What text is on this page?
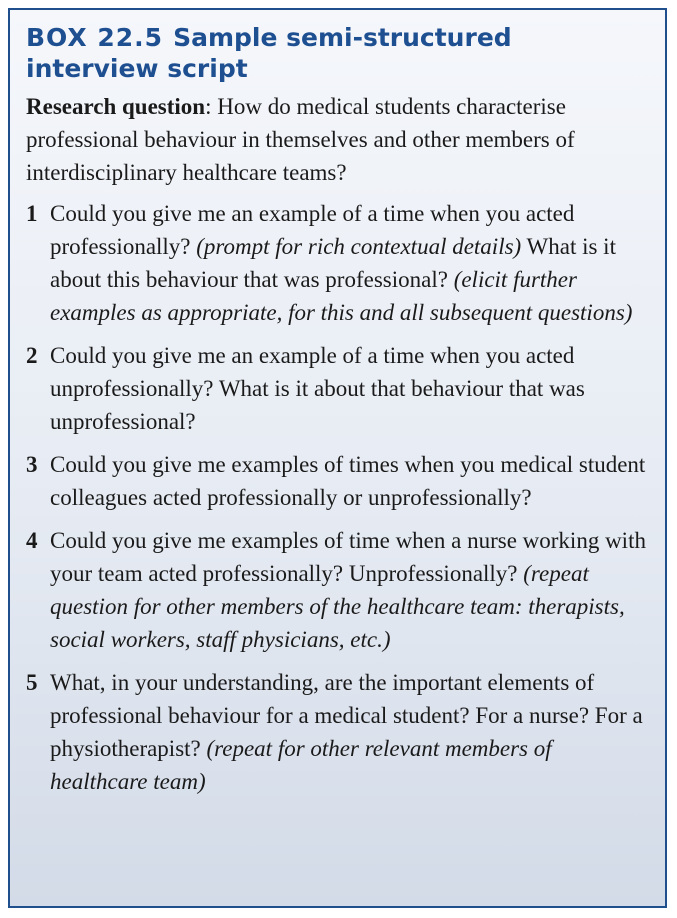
BOX 22.5 Sample semi-structured interview script

Research question: How do medical students characterise professional behaviour in themselves and other members of interdisciplinary healthcare teams?

1 Could you give me an example of a time when you acted professionally? (prompt for rich contextual details) What is it about this behaviour that was professional? (elicit further examples as appropriate, for this and all subsequent questions)
2 Could you give me an example of a time when you acted unprofessionally? What is it about that behaviour that was unprofessional?
3 Could you give me examples of times when you medical student colleagues acted professionally or unprofessionally?
4 Could you give me examples of time when a nurse working with your team acted professionally? Unprofessionally? (repeat question for other members of the healthcare team: therapists, social workers, staff physicians, etc.)
5 What, in your understanding, are the important elements of professional behaviour for a medical student? For a nurse? For a physiotherapist? (repeat for other relevant members of healthcare team)
